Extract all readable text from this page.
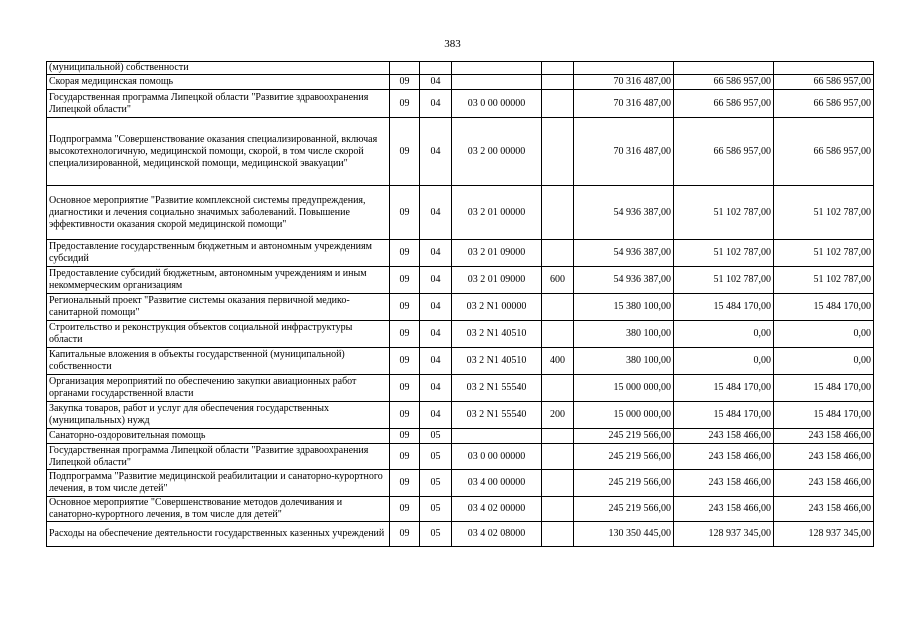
383
(муниципальной) собственности							
Скорая медицинская помощь	09	04			70 316 487,00	66 586 957,00	66 586 957,00
Государственная программа Липецкой области "Развитие здравоохранения Липецкой области"	09	04	03 0 00 00000		70 316 487,00	66 586 957,00	66 586 957,00
Подпрограмма "Совершенствование оказания специализированной, включая высокотехнологичную, медицинской помощи, скорой, в том числе скорой специализированной, медицинской помощи, медицинской эвакуации"	09	04	03 2 00 00000		70 316 487,00	66 586 957,00	66 586 957,00
Основное мероприятие "Развитие комплексной системы предупреждения, диагностики и лечения социально значимых заболеваний. Повышение эффективности оказания скорой медицинской помощи"	09	04	03 2 01 00000		54 936 387,00	51 102 787,00	51 102 787,00
Предоставление государственным бюджетным и автономным учреждениям субсидий	09	04	03 2 01 09000		54 936 387,00	51 102 787,00	51 102 787,00
Предоставление субсидий бюджетным, автономным учреждениям и иным некоммерческим организациям	09	04	03 2 01 09000	600	54 936 387,00	51 102 787,00	51 102 787,00
Региональный проект "Развитие системы оказания первичной медико-санитарной помощи"	09	04	03 2 N1 00000		15 380 100,00	15 484 170,00	15 484 170,00
Строительство и реконструкция объектов социальной инфраструктуры области	09	04	03 2 N1 40510		380 100,00	0,00	0,00
Капитальные вложения в объекты государственной (муниципальной) собственности	09	04	03 2 N1 40510	400	380 100,00	0,00	0,00
Организация мероприятий по обеспечению закупки авиационных работ органами государственной власти	09	04	03 2 N1 55540		15 000 000,00	15 484 170,00	15 484 170,00
Закупка товаров, работ и услуг для обеспечения государственных (муниципальных) нужд	09	04	03 2 N1 55540	200	15 000 000,00	15 484 170,00	15 484 170,00
Санаторно-оздоровительная помощь	09	05			245 219 566,00	243 158 466,00	243 158 466,00
Государственная программа Липецкой области "Развитие здравоохранения Липецкой области"	09	05	03 0 00 00000		245 219 566,00	243 158 466,00	243 158 466,00
Подпрограмма "Развитие медицинской реабилитации и санаторно-курортного лечения, в том числе детей"	09	05	03 4 00 00000		245 219 566,00	243 158 466,00	243 158 466,00
Основное мероприятие "Совершенствование методов долечивания и санаторно-курортного лечения, в том числе для детей"	09	05	03 4 02 00000		245 219 566,00	243 158 466,00	243 158 466,00
Расходы на обеспечение деятельности государственных казенных учреждений	09	05	03 4 02 08000		130 350 445,00	128 937 345,00	128 937 345,00
